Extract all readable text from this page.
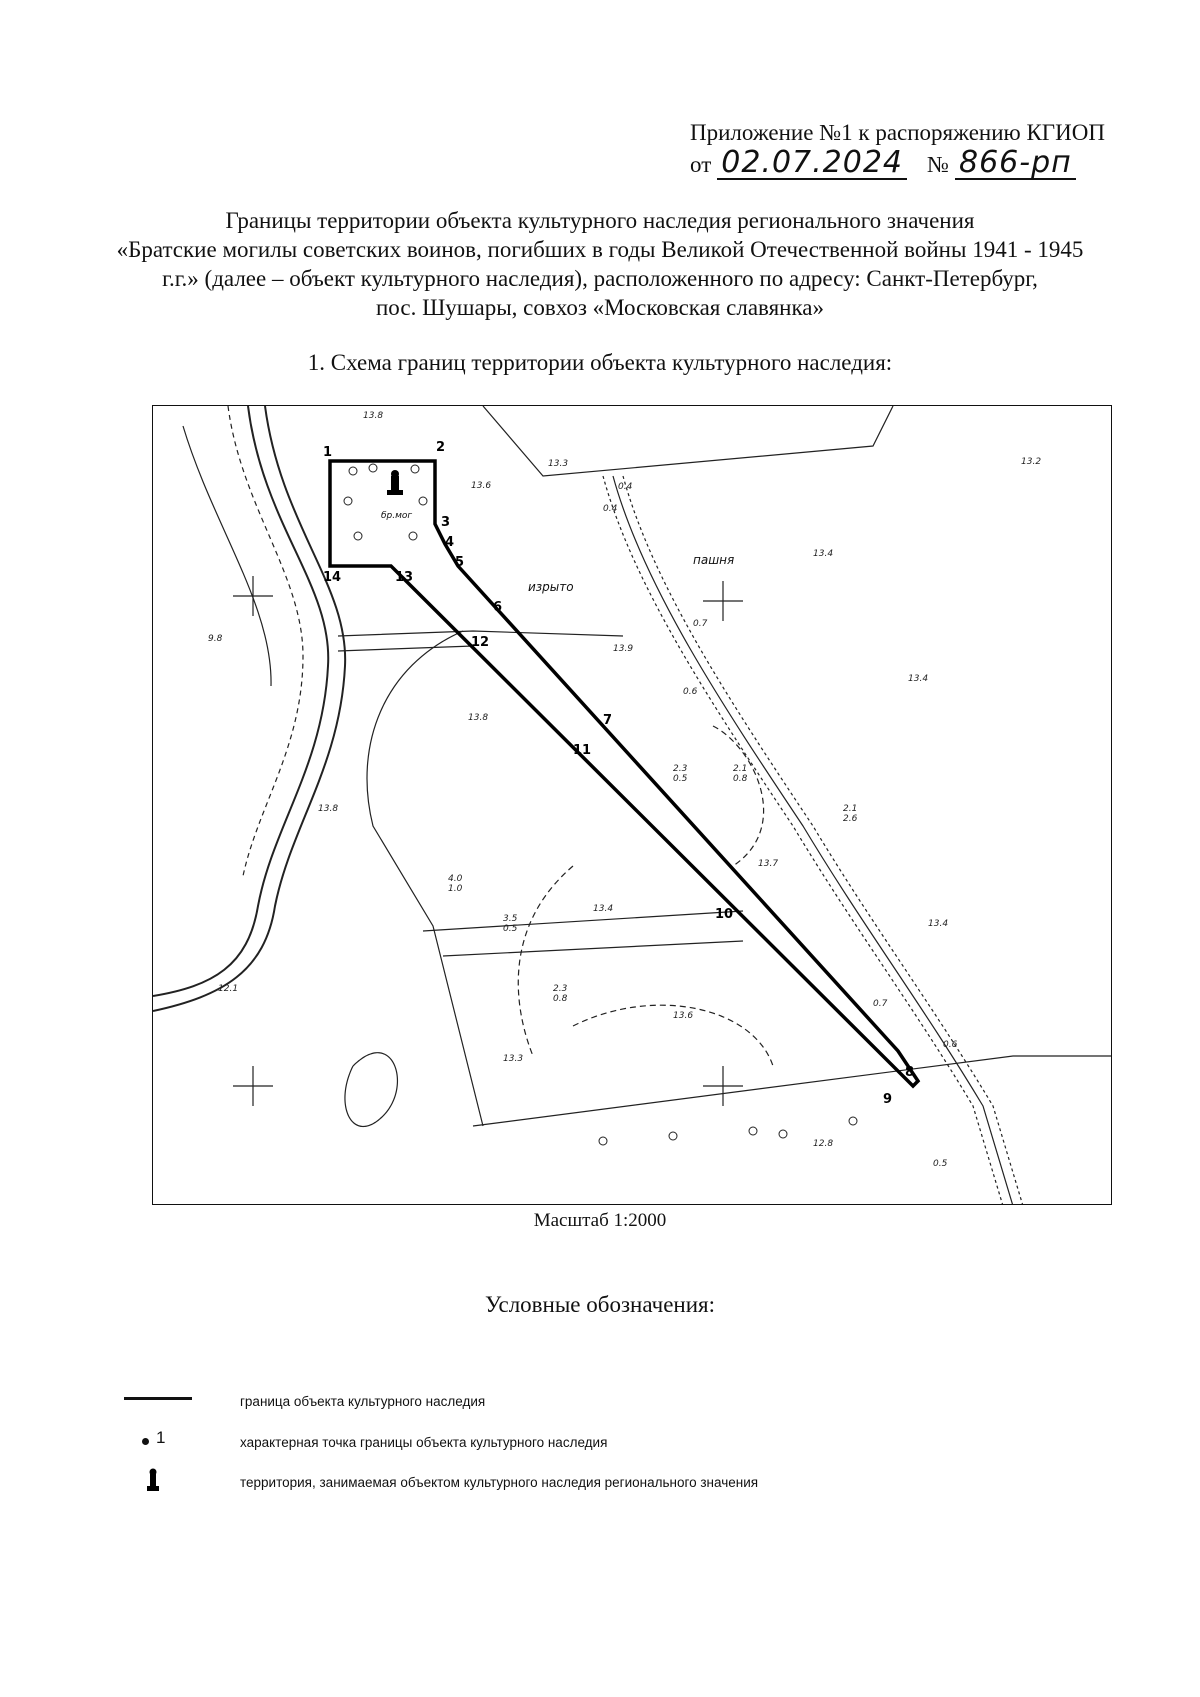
Приложение №1 к распоряжению КГИОП
от 02.07.2024 № 866-рп
Границы территории объекта культурного наследия регионального значения
«Братские могилы советских воинов, погибших в годы Великой Отечественной войны 1941 - 1945
г.г.» (далее – объект культурного наследия), расположенного по адресу: Санкт-Петербург,
пос. Шушары, совхоз «Московская славянка»
1. Схема границ территории объекта культурного наследия:
13.8
13.3
13.6
13.2
13.4
0.4
0.4
13.9
0.7
0.6
13.4
13.8
2.3
0.5
2.1
0.8
2.1
2.6
13.7
4.0
1.0
3.5
0.5
13.4
13.4
2.3
0.8
13.6
13.3
0.7
0.6
12.8
0.5
9.8
12.1
13.8
пашня
изрыто
бр.мог
1	2
3
4
5
6
7
8
9
10
11
12
13
14
Масштаб 1:2000
Условные обозначения:
граница объекта культурного наследия
1	характерная точка границы объекта культурного наследия
территория, занимаемая объектом культурного наследия регионального значения
